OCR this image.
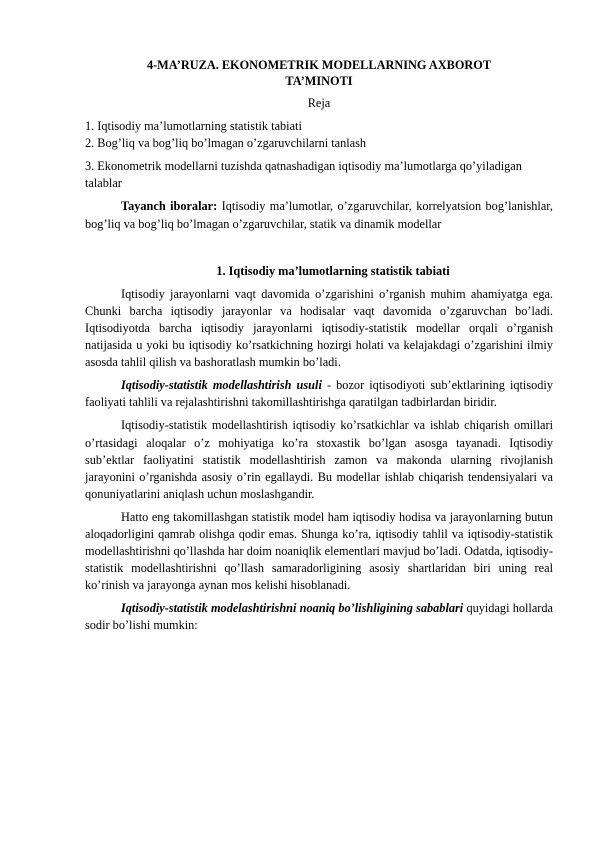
4-MA’RUZA. EKONOMETRIK MODELLARNING AXBOROT
TA’MINOTI
Reja

1. Iqtisodiy ma’lumotlarning statistik tabiati

2. Bog’liq va bog’liq bo’lmagan o’zgaruvchilarni tanlash

3. Ekonometrik modellarni tuzishda qatnashadigan iqtisodiy ma’lumotlarga qo’yiladigan talablar

Tayanch iboralar: Iqtisodiy ma’lumotlar, o’zgaruvchilar, korrelyatsion bog’lanishlar, bog’liq va bog’liq bo’lmagan o’zgaruvchilar, statik va dinamik modellar

1. Iqtisodiy ma’lumotlarning statistik tabiati

Iqtisodiy jarayonlarni vaqt davomida o’zgarishini o’rganish muhim ahamiyatga ega. Chunki barcha iqtisodiy jarayonlar va hodisalar vaqt davomida o’zgaruvchan bo’ladi. Iqtisodiyotda barcha iqtisodiy jarayonlarni iqtisodiy-statistik modellar orqali o’rganish natijasida u yoki bu iqtisodiy ko’rsatkichning hozirgi holati va kelajakdagi o’zgarishini ilmiy asosda tahlil qilish va bashoratlash mumkin bo’ladi.

Iqtisodiy-statistik modellashtirish usuli - bozor iqtisodiyoti sub’ektlarining iqtisodiy faoliyati tahlili va rejalashtirishni takomillashtirishga qaratilgan tadbirlardan biridir.

Iqtisodiy-statistik modellashtirish iqtisodiy ko’rsatkichlar va ishlab chiqarish omillari o’rtasidagi aloqalar o’z mohiyatiga ko’ra stoxastik bo’lgan asosga tayanadi. Iqtisodiy sub’ektlar faoliyatini statistik modellashtirish zamon va makonda ularning rivojlanish jarayonini o’rganishda asosiy o’rin egallaydi. Bu modellar ishlab chiqarish tendensiyalari va qonuniyatlarini aniqlash uchun moslashgandir.

Hatto eng takomillashgan statistik model ham iqtisodiy hodisa va jarayonlarning butun aloqadorligini qamrab olishga qodir emas. Shunga ko’ra, iqtisodiy tahlil va iqtisodiy-statistik modellashtirishni qo’llashda har doim noaniqlik elementlari mavjud bo’ladi. Odatda, iqtisodiy-statistik modellashtirishni qo’llash samaradorligining asosiy shartlaridan biri uning real ko’rinish va jarayonga aynan mos kelishi hisoblanadi.

Iqtisodiy-statistik modelashtirishni noaniq bo’lishligining sabablari quyidagi hollarda sodir bo’lishi mumkin:
